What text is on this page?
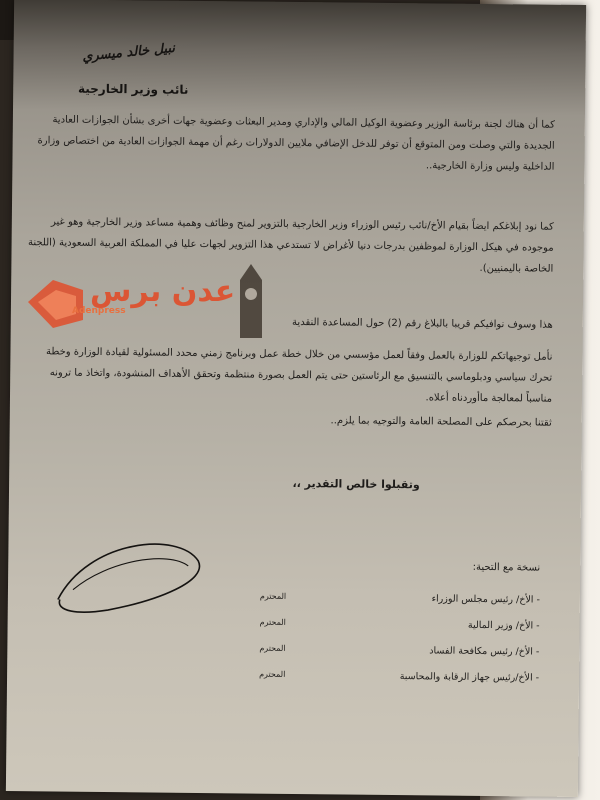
كما أن هناك لجنة برئاسة الوزير وعضوية الوكيل المالي والإداري ومدير البعثات وعضوية جهات أخرى بشأن الجوازات العادية الجديدة والتي وصلت ومن المتوقع أن توفر للدخل الإضافي ملايين الدولارات رغم أن مهمة الجوازات العادية من اختصاص وزارة الداخلية وليس وزارة الخارجية..

كما نود إبلاغكم ايضاً بقيام الأخ/نائب رئيس الوزراء وزير الخارجية بالتزوير لمنح وظائف وهمية مساعد وزير الخارجية وهو غير موجوده في هيكل الوزارة لموظفين بدرجات دنيا لأغراض لا تستدعي هذا التزوير لجهات عليا في المملكة العربية السعودية (اللجنة الخاصة باليمنيين).

هذا وسوف نوافيكم قريبا بالبلاغ رقم (2) حول المساعدة النقدية

نأمل توجيهاتكم للوزارة بالعمل وفقاً لعمل مؤسسي من خلال خطة عمل وبرنامج زمني محدد المسئولية لقيادة الوزارة وخطة تحرك سياسي ودبلوماسي بالتنسيق مع الرئاستين حتى يتم العمل بصورة منتظمة وتحقق الأهداف المنشودة، واتخاذ ما ترونه مناسباً لمعالجة ماأوردناه أعلاه.

ثقتنا بحرصكم على المصلحة العامة والتوجيه بما يلزم..

وتقبلوا خالص التقدير ،،

نبيل خالد ميسري
نائب وزير الخارجية
نسخة مع التحية:
- الأخ/ رئيس مجلس الوزراء
المحترم
- الأخ/ وزير المالية
المحترم
- الأخ/ رئيس مكافحة الفساد
المحترم
- الأخ/رئيس جهاز الرقابة والمحاسبة
المحترم
عدن برس
Adenpress
